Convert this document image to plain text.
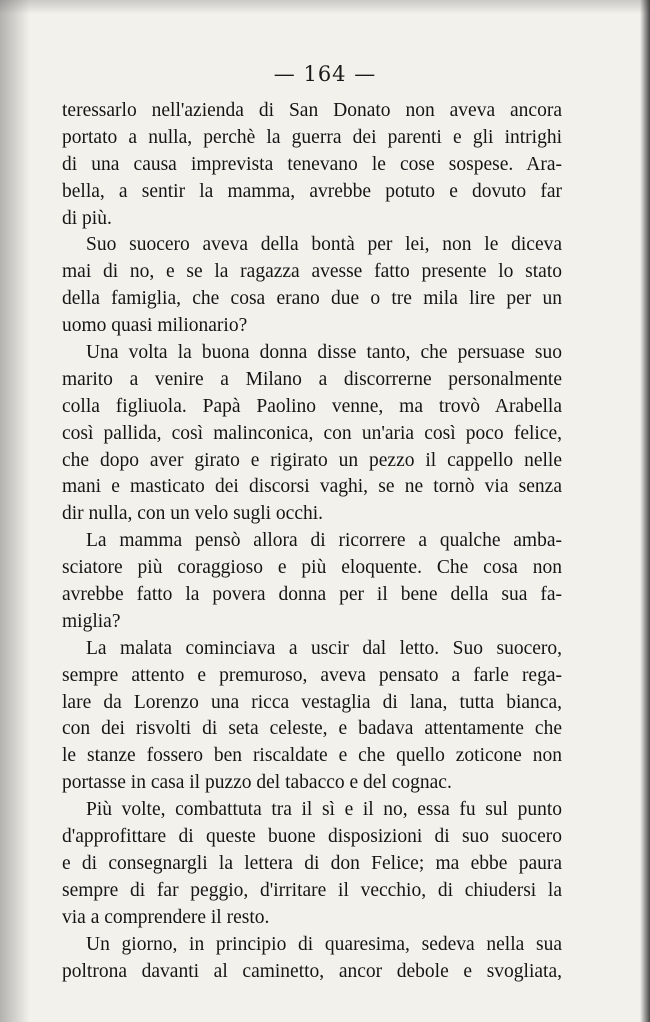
— 164 —
teressarlo nell'azienda di San Donato non aveva ancora
portato a nulla, perchè la guerra dei parenti e gli intrighi
di una causa imprevista tenevano le cose sospese. Ara-
bella, a sentir la mamma, avrebbe potuto e dovuto far
di più.
Suo suocero aveva della bontà per lei, non le diceva
mai di no, e se la ragazza avesse fatto presente lo stato
della famiglia, che cosa erano due o tre mila lire per un
uomo quasi milionario?
Una volta la buona donna disse tanto, che persuase suo
marito a venire a Milano a discorrerne personalmente
colla figliuola. Papà Paolino venne, ma trovò Arabella
così pallida, così malinconica, con un'aria così poco felice,
che dopo aver girato e rigirato un pezzo il cappello nelle
mani e masticato dei discorsi vaghi, se ne tornò via senza
dir nulla, con un velo sugli occhi.
La mamma pensò allora di ricorrere a qualche amba-
sciatore più coraggioso e più eloquente. Che cosa non
avrebbe fatto la povera donna per il bene della sua fa-
miglia?
La malata cominciava a uscir dal letto. Suo suocero,
sempre attento e premuroso, aveva pensato a farle rega-
lare da Lorenzo una ricca vestaglia di lana, tutta bianca,
con dei risvolti di seta celeste, e badava attentamente che
le stanze fossero ben riscaldate e che quello zoticone non
portasse in casa il puzzo del tabacco e del cognac.
Più volte, combattuta tra il sì e il no, essa fu sul punto
d'approfittare di queste buone disposizioni di suo suocero
e di consegnargli la lettera di don Felice; ma ebbe paura
sempre di far peggio, d'irritare il vecchio, di chiudersi la
via a comprendere il resto.
Un giorno, in principio di quaresima, sedeva nella sua
poltrona davanti al caminetto, ancor debole e svogliata,
